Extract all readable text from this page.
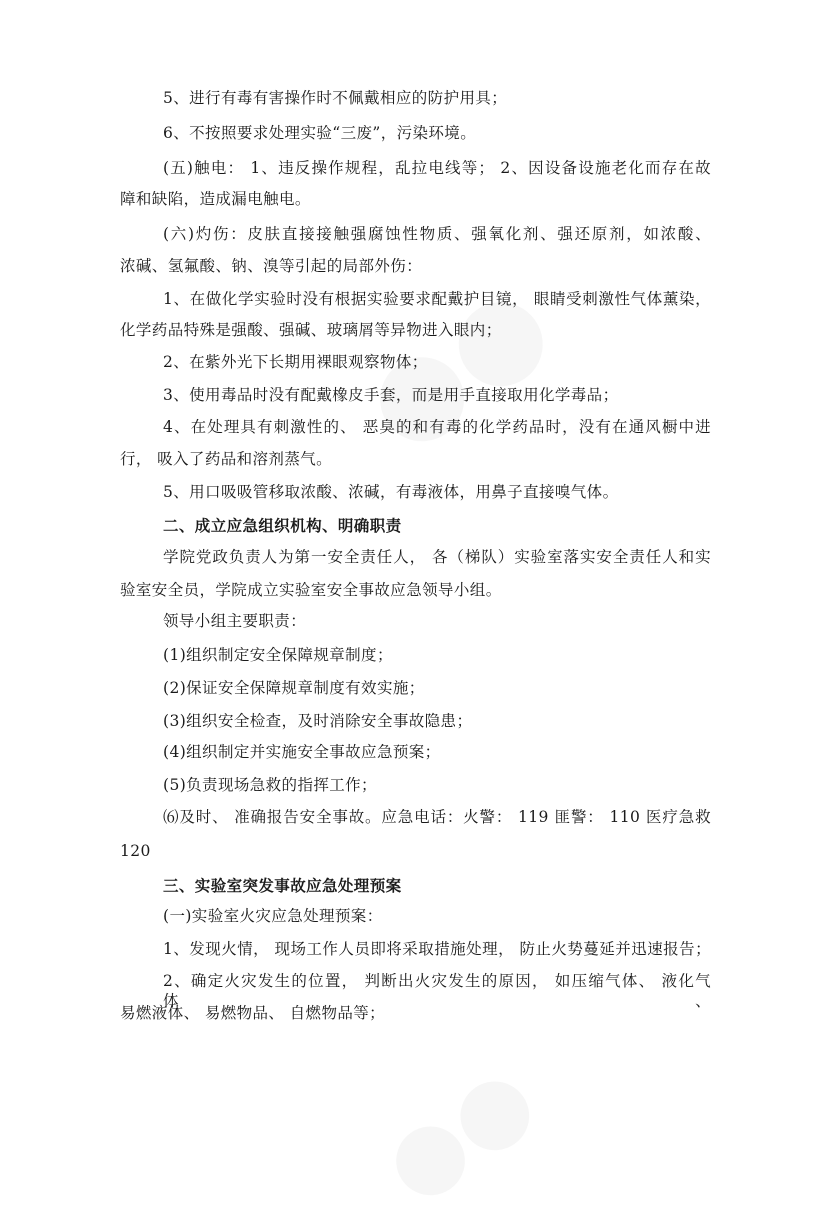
5、进行有毒有害操作时不佩戴相应的防护用具；
6、不按照要求处理实验“三废”，污染环境。
(五)触电： 1、违反操作规程，乱拉电线等； 2、因设备设施老化而存在故
障和缺陷，造成漏电触电。
(六)灼伤：皮肤直接接触强腐蚀性物质、强氧化剂、强还原剂，如浓酸、
浓碱、氢氟酸、钠、溴等引起的局部外伤：
1、在做化学实验时没有根据实验要求配戴护目镜， 眼睛受刺激性气体薰染，
化学药品特殊是强酸、强碱、玻璃屑等异物进入眼内；
2、在紫外光下长期用裸眼观察物体；
3、使用毒品时没有配戴橡皮手套，而是用手直接取用化学毒品；
4、在处理具有刺激性的、 恶臭的和有毒的化学药品时，没有在通风橱中进
行， 吸入了药品和溶剂蒸气。
5、用口吸吸管移取浓酸、浓碱，有毒液体，用鼻子直接嗅气体。
二、成立应急组织机构、明确职责
学院党政负责人为第一安全责任人， 各（梯队）实验室落实安全责任人和实
验室安全员，学院成立实验室安全事故应急领导小组。
领导小组主要职责：
(1)组织制定安全保障规章制度；
(2)保证安全保障规章制度有效实施；
(3)组织安全检查，及时消除安全事故隐患；
(4)组织制定并实施安全事故应急预案；
(5)负责现场急救的指挥工作；
⑹及时、 准确报告安全事故。应急电话：火警： 119 匪警： 110 医疗急救
120
三、实验室突发事故应急处理预案
(一)实验室火灾应急处理预案：
1、发现火情， 现场工作人员即将采取措施处理， 防止火势蔓延并迅速报告；
2、确定火灾发生的位置， 判断出火灾发生的原因， 如压缩气体、 液化气体、
易燃液体、 易燃物品、 自燃物品等；
